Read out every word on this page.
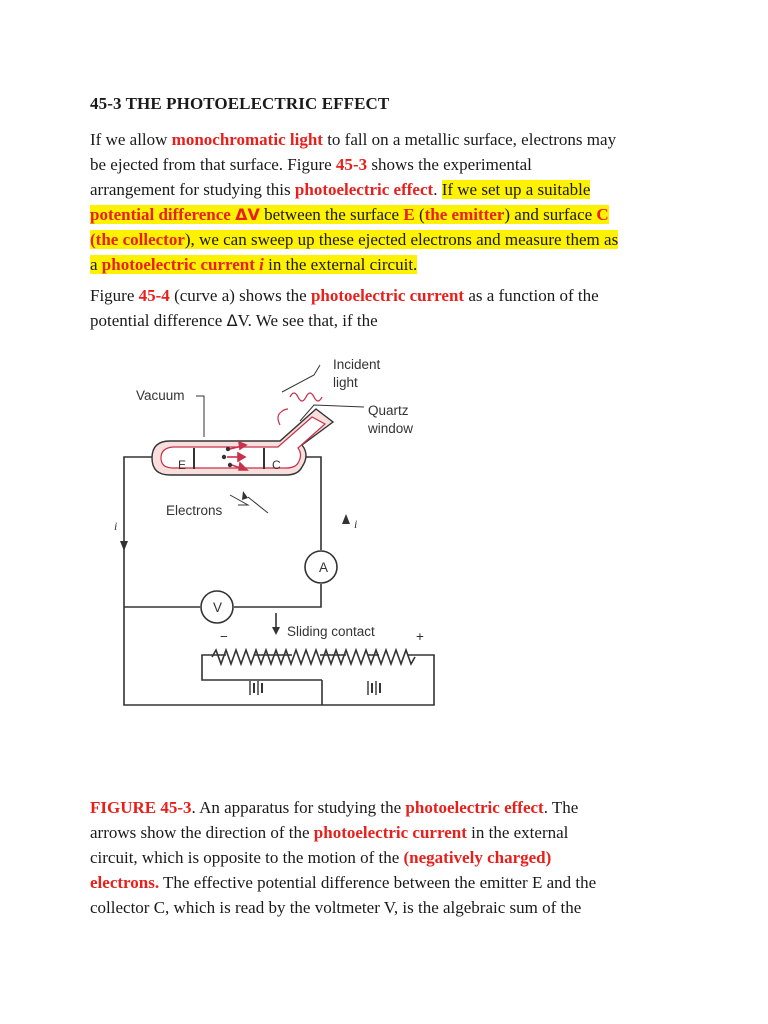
45-3 THE PHOTOELECTRIC EFFECT
If we allow monochromatic light to fall on a metallic surface, electrons may
be ejected from that surface. Figure 45-3 shows the experimental
arrangement for studying this photoelectric effect. If we set up a suitable
potential difference ΔV between the surface E (the emitter) and surface C
(the collector), we can sweep up these ejected electrons and measure them as
a photoelectric current i in the external circuit.
Figure 45-4 (curve a) shows the photoelectric current as a function of the
potential difference ΔV. We see that, if the
A
V
Incident
light
Vacuum
Quartz
window
E	C
Electrons
i	i
Sliding contact
−	+
FIGURE 45-3. An apparatus for studying the photoelectric effect. The
arrows show the direction of the photoelectric current in the external
circuit, which is opposite to the motion of the (negatively charged)
electrons. The effective potential difference between the emitter E and the
collector C, which is read by the voltmeter V, is the algebraic sum of the
